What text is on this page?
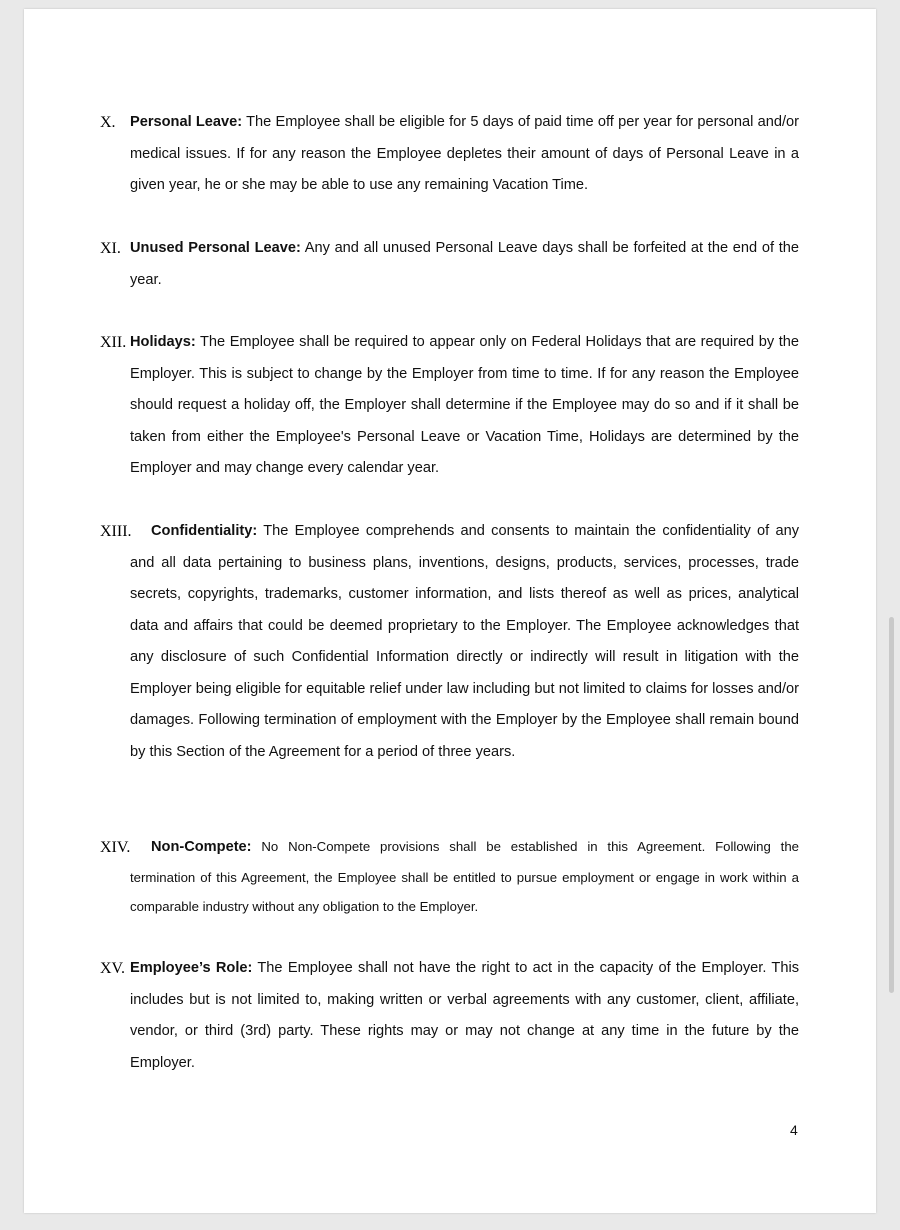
X. Personal Leave: The Employee shall be eligible for 5 days of paid time off per year for personal and/or medical issues. If for any reason the Employee depletes their amount of days of Personal Leave in a given year, he or she may be able to use any remaining Vacation Time.

XI. Unused Personal Leave: Any and all unused Personal Leave days shall be forfeited at the end of the year.

XII. Holidays: The Employee shall be required to appear only on Federal Holidays that are required by the Employer. This is subject to change by the Employer from time to time. If for any reason the Employee should request a holiday off, the Employer shall determine if the Employee may do so and if it shall be taken from either the Employee's Personal Leave or Vacation Time, Holidays are determined by the Employer and may change every calendar year.

XIII.	Confidentiality: The Employee comprehends and consents to maintain the confidentiality of any and all data pertaining to business plans, inventions, designs, products, services, processes, trade secrets, copyrights, trademarks, customer information, and lists thereof as well as prices, analytical data and affairs that could be deemed proprietary to the Employer. The Employee acknowledges that any disclosure of such Confidential Information directly or indirectly will result in litigation with the Employer being eligible for equitable relief under law including but not limited to claims for losses and/or damages. Following termination of employment with the Employer by the Employee shall remain bound by this Section of the Agreement for a period of three years.

XIV.	Non-Compete: No Non-Compete provisions shall be established in this Agreement. Following the termination of this Agreement, the Employee shall be entitled to pursue employment or engage in work within a comparable industry without any obligation to the Employer.

XV. Employee’s Role: The Employee shall not have the right to act in the capacity of the Employer. This includes but is not limited to, making written or verbal agreements with any customer, client, affiliate, vendor, or third (3rd) party. These rights may or may not change at any time in the future by the Employer.

4
